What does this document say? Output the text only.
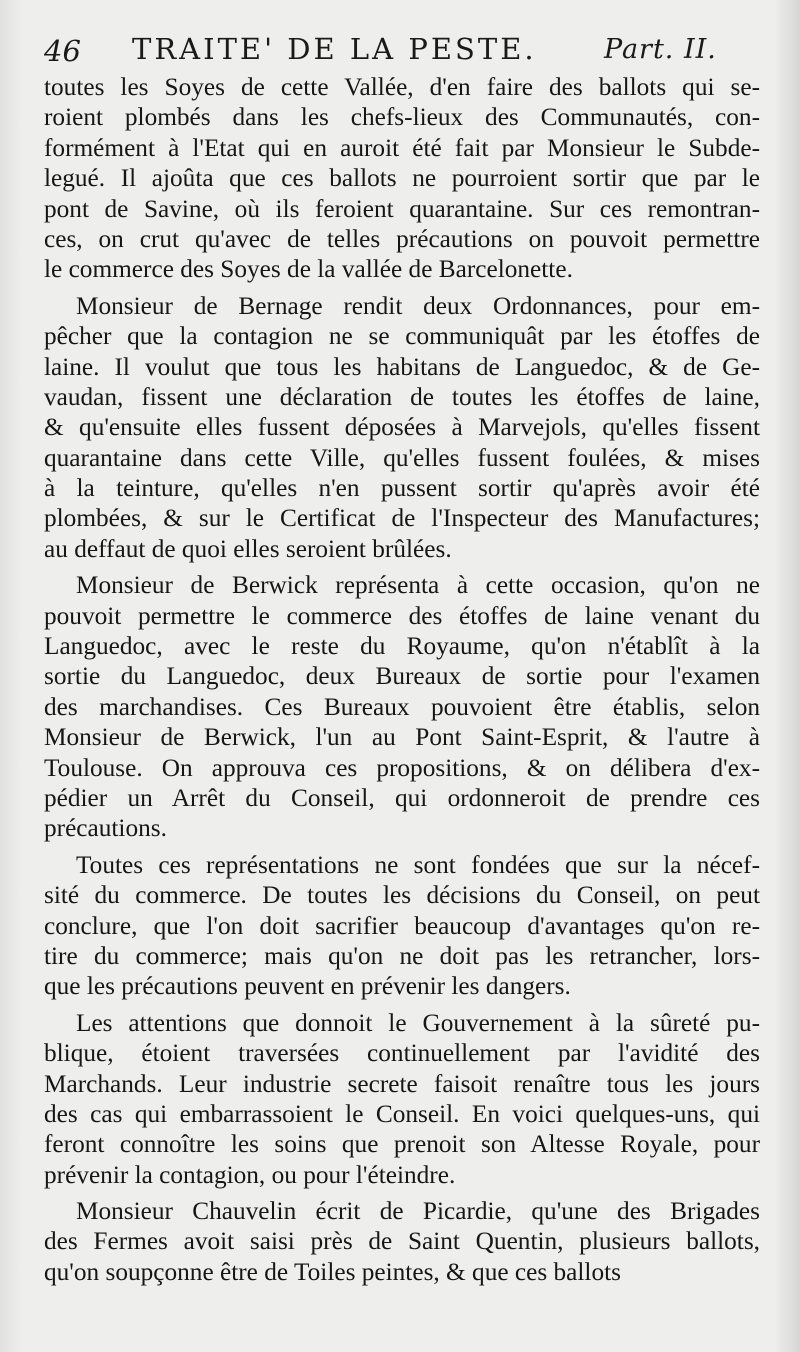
46 TRAITE' DE LA PESTE. Part. II.
toutes les Soyes de cette Vallée, d'en faire des ballots qui se-
roient plombés dans les chefs-lieux des Communautés, con-
formément à l'Etat qui en auroit été fait par Monsieur le Subde-
legué. Il ajoûta que ces ballots ne pourroient sortir que par le
pont de Savine, où ils feroient quarantaine. Sur ces remontran-
ces, on crut qu'avec de telles précautions on pouvoit permettre
le commerce des Soyes de la vallée de Barcelonette.
Monsieur de Bernage rendit deux Ordonnances, pour em-
pêcher que la contagion ne se communiquât par les étoffes de
laine. Il voulut que tous les habitans de Languedoc, & de Ge-
vaudan, fissent une déclaration de toutes les étoffes de laine,
& qu'ensuite elles fussent déposées à Marvejols, qu'elles fissent
quarantaine dans cette Ville, qu'elles fussent foulées, & mises
à la teinture, qu'elles n'en pussent sortir qu'après avoir été
plombées, & sur le Certificat de l'Inspecteur des Manufactures;
au deffaut de quoi elles seroient brûlées.
Monsieur de Berwick représenta à cette occasion, qu'on ne
pouvoit permettre le commerce des étoffes de laine venant du
Languedoc, avec le reste du Royaume, qu'on n'établît à la
sortie du Languedoc, deux Bureaux de sortie pour l'examen
des marchandises. Ces Bureaux pouvoient être établis, selon
Monsieur de Berwick, l'un au Pont Saint-Esprit, & l'autre à
Toulouse. On approuva ces propositions, & on délibera d'ex-
pédier un Arrêt du Conseil, qui ordonneroit de prendre ces
précautions.
Toutes ces représentations ne sont fondées que sur la nécef-
sité du commerce. De toutes les décisions du Conseil, on peut
conclure, que l'on doit sacrifier beaucoup d'avantages qu'on re-
tire du commerce; mais qu'on ne doit pas les retrancher, lors-
que les précautions peuvent en prévenir les dangers.
Les attentions que donnoit le Gouvernement à la sûreté pu-
blique, étoient traversées continuellement par l'avidité des
Marchands. Leur industrie secrete faisoit renaître tous les jours
des cas qui embarrassoient le Conseil. En voici quelques-uns, qui
feront connoître les soins que prenoit son Altesse Royale, pour
prévenir la contagion, ou pour l'éteindre.
Monsieur Chauvelin écrit de Picardie, qu'une des Brigades
des Fermes avoit saisi près de Saint Quentin, plusieurs ballots,
qu'on soupçonne être de Toiles peintes, & que ces ballots
